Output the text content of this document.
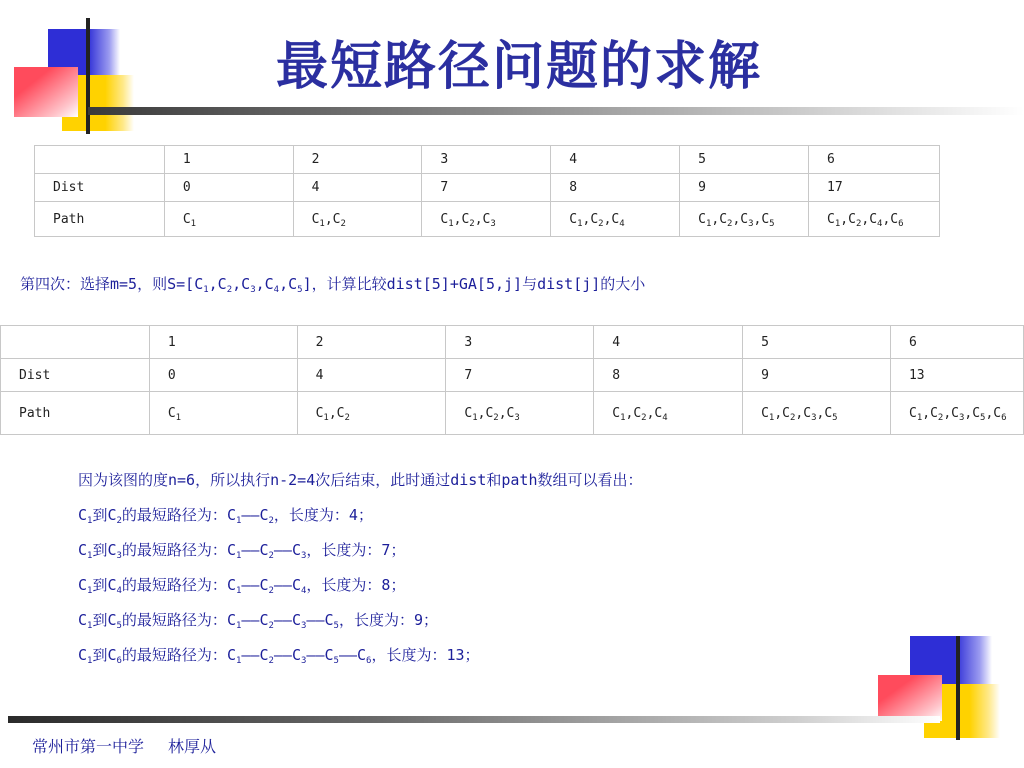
最短路径问题的求解
	1	2	3	4	5	6
Dist	0	4	7	8	9	17
Path	$C_1$	$C_1,C_2$	$C_1,C_2,C_3$	$C_1,C_2,C_4$	$C_1,C_2,C_3,C_5$	$C_1,C_2,C_4,C_6$
第四次：选择m=5，则$S=[C_1,C_2,C_3,C_4,C_5]$，计算比较dist[5]+GA[5,j]与dist[j]的大小
	1	2	3	4	5	6
Dist	0	4	7	8	9	13
Path	$C_1$	$C_1,C_2$	$C_1,C_2,C_3$	$C_1,C_2,C_4$	$C_1,C_2,C_3,C_5$	$C_1,C_2,C_3,C_5,C_6$
因为该图的度n=6，所以执行n-2=4次后结束，此时通过dist和path数组可以看出：
$C_1$到$C_2$的最短路径为：$C_1——C_2$，长度为：4；
$C_1$到$C_3$的最短路径为：$C_1——C_2——C_3$，长度为：7；
$C_1$到$C_4$的最短路径为：$C_1——C_2——C_4$，长度为：8；
$C_1$到$C_5$的最短路径为：$C_1——C_2——C_3——C_5$，长度为：9；
$C_1$到$C_6$的最短路径为：$C_1——C_2——C_3——C_5——C_6$，长度为：13；
常州市第一中学 林厚从
